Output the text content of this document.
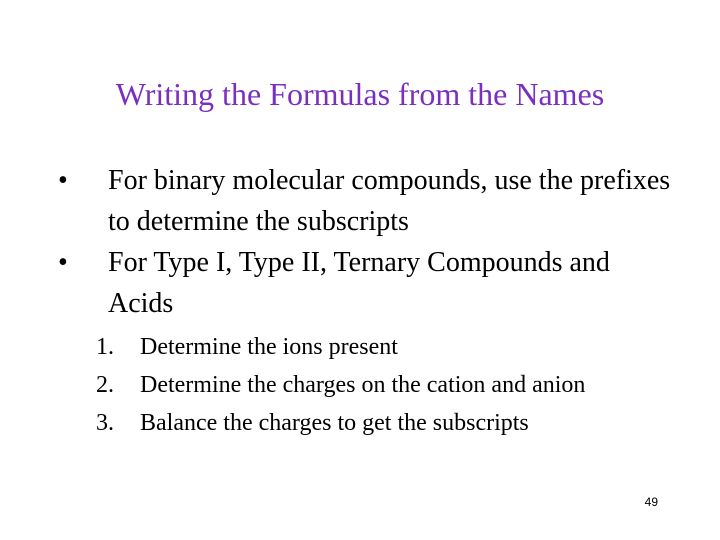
Writing the Formulas from the Names
•	For binary molecular compounds, use the prefixes to determine the subscripts
•	For Type I, Type II, Ternary Compounds and Acids
1.	Determine the ions present
2.	Determine the charges on the cation and anion
3.	Balance the charges to get the subscripts
49
